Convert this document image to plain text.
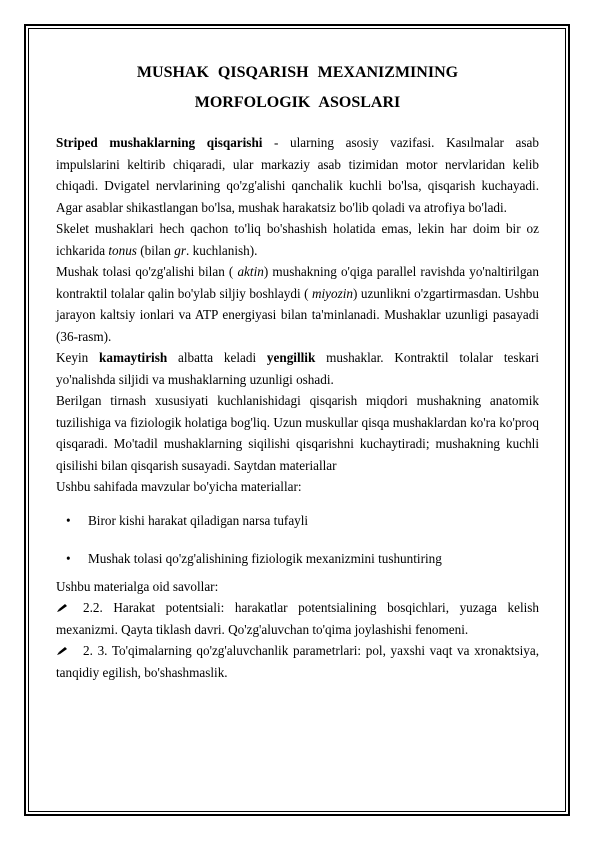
MUSHAK QISQARISH MEXANIZMINING
MORFOLOGIK ASOSLARI

Striped mushaklarning qisqarishi - ularning asosiy vazifasi. Kasılmalar asab impulslarini keltirib chiqaradi, ular markaziy asab tizimidan motor nervlaridan kelib chiqadi. Dvigatel nervlarining qo'zg'alishi qanchalik kuchli bo'lsa, qisqarish kuchayadi. Agar asablar shikastlangan bo'lsa, mushak harakatsiz bo'lib qoladi va atrofiya bo'ladi.

Skelet mushaklari hech qachon to'liq bo'shashish holatida emas, lekin har doim bir oz ichkarida tonus (bilan gr. kuchlanish).

Mushak tolasi qo'zg'alishi bilan ( aktin) mushakning o'qiga parallel ravishda yo'naltirilgan kontraktil tolalar qalin bo'ylab siljiy boshlaydi ( miyozin) uzunlikni o'zgartirmasdan. Ushbu jarayon kaltsiy ionlari va ATP energiyasi bilan ta'minlanadi. Mushaklar uzunligi pasayadi (36-rasm).

Keyin kamaytirish albatta keladi yengillik mushaklar. Kontraktil tolalar teskari yo'nalishda siljidi va mushaklarning uzunligi oshadi.

Berilgan tirnash xususiyati kuchlanishidagi qisqarish miqdori mushakning anatomik tuzilishiga va fiziologik holatiga bog'liq. Uzun muskullar qisqa mushaklardan ko'ra ko'proq qisqaradi. Mo'tadil mushaklarning siqilishi qisqarishni kuchaytiradi; mushakning kuchli qisilishi bilan qisqarish susayadi. Saytdan materiallar

Ushbu sahifada mavzular bo'yicha materiallar:

• Biror kishi harakat qiladigan narsa tufayli
• Mushak tolasi qo'zg'alishining fiziologik mexanizmini tushuntiring

Ushbu materialga oid savollar:

2.2. Harakat potentsiali: harakatlar potentsialining bosqichlari, yuzaga kelish mexanizmi. Qayta tiklash davri. Qo'zg'aluvchan to'qima joylashishi fenomeni.

2. 3. To'qimalarning qo'zg'aluvchanlik parametrlari: pol, yaxshi vaqt va xronaktsiya, tanqidiy egilish, bo'shashmaslik.
